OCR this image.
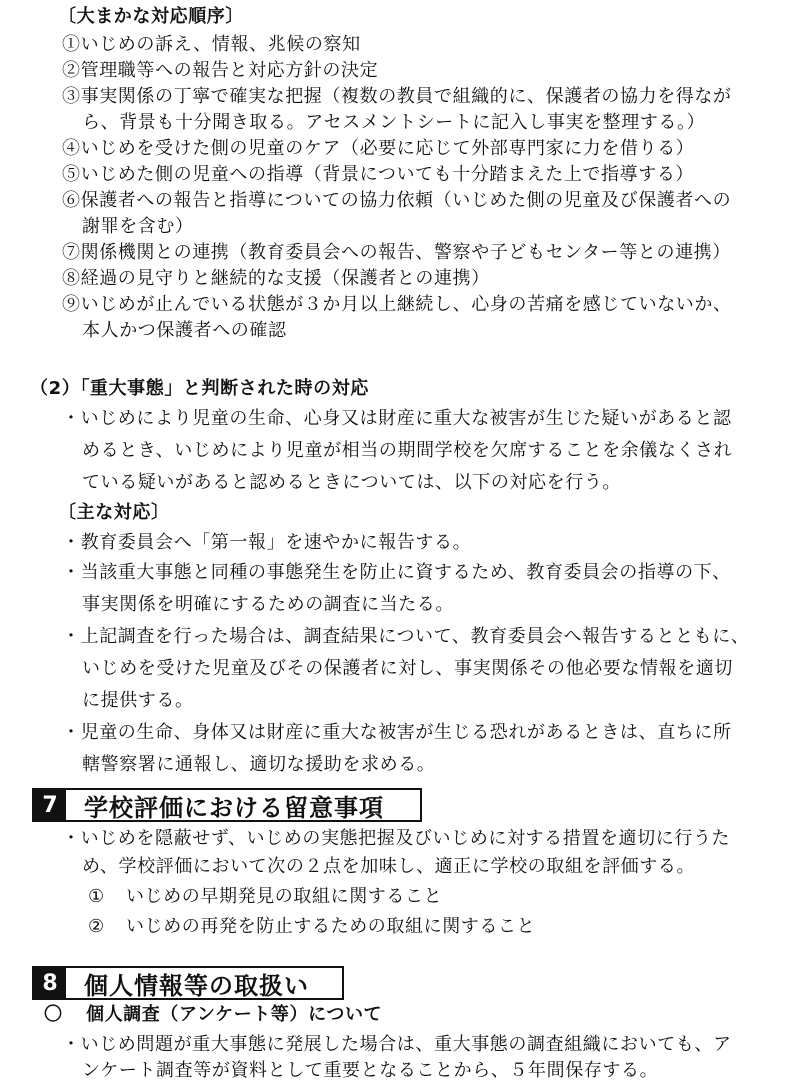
〔大まかな対応順序〕
①いじめの訴え、情報、兆候の察知
②管理職等への報告と対応方針の決定
③事実関係の丁寧で確実な把握（複数の教員で組織的に、保護者の協力を得なが
ら、背景も十分聞き取る。アセスメントシートに記入し事実を整理する。）
④いじめを受けた側の児童のケア（必要に応じて外部専門家に力を借りる）
⑤いじめた側の児童への指導（背景についても十分踏まえた上で指導する）
⑥保護者への報告と指導についての協力依頼（いじめた側の児童及び保護者への
謝罪を含む）
⑦関係機関との連携（教育委員会への報告、警察や子どもセンター等との連携）
⑧経過の見守りと継続的な支援（保護者との連携）
⑨いじめが止んでいる状態が３か月以上継続し、心身の苦痛を感じていないか、
本人かつ保護者への確認
（2）「重大事態」と判断された時の対応
・いじめにより児童の生命、心身又は財産に重大な被害が生じた疑いがあると認
めるとき、いじめにより児童が相当の期間学校を欠席することを余儀なくされ
ている疑いがあると認めるときについては、以下の対応を行う。
〔主な対応〕
・教育委員会へ「第一報」を速やかに報告する。
・当該重大事態と同種の事態発生を防止に資するため、教育委員会の指導の下、
事実関係を明確にするための調査に当たる。
・上記調査を行った場合は、調査結果について、教育委員会へ報告するとともに、
いじめを受けた児童及びその保護者に対し、事実関係その他必要な情報を適切
に提供する。
・児童の生命、身体又は財産に重大な被害が生じる恐れがあるときは、直ちに所
轄警察署に通報し、適切な援助を求める。
7	学校評価における留意事項
・いじめを隠蔽せず、いじめの実態把握及びいじめに対する措置を適切に行うた
め、学校評価において次の２点を加味し、適正に学校の取組を評価する。
① いじめの早期発見の取組に関すること
② いじめの再発を防止するための取組に関すること
8	個人情報等の取扱い
〇 個人調査（アンケート等）について
・いじめ問題が重大事態に発展した場合は、重大事態の調査組織においても、ア
ンケート調査等が資料として重要となることから、５年間保存する。
